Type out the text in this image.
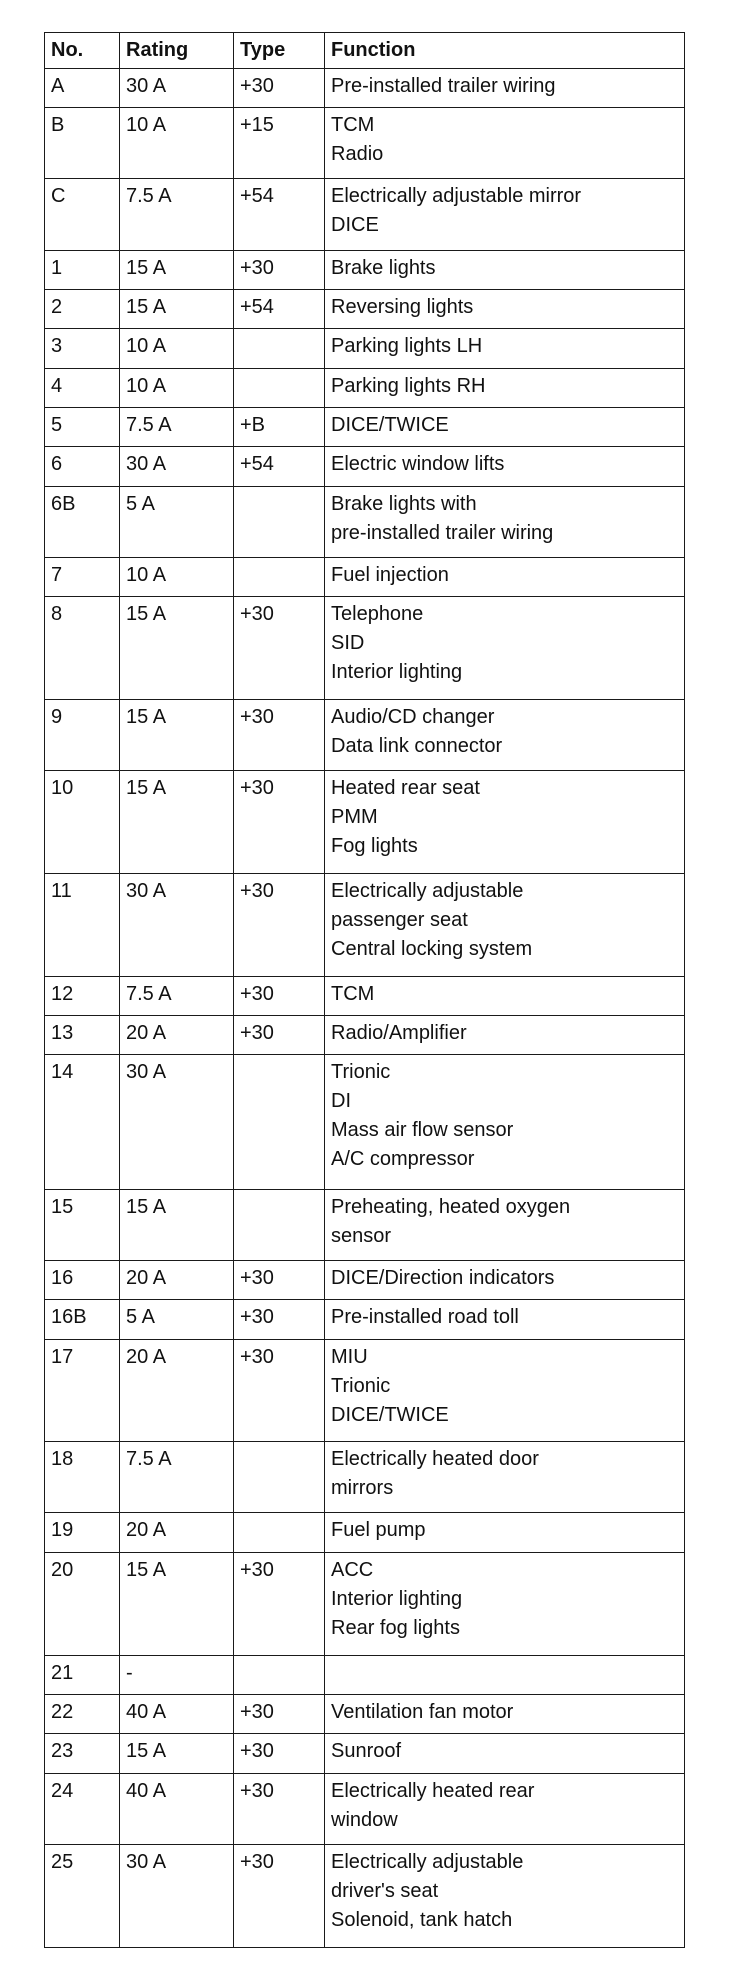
No.	Rating	Type	Function
A	30 A	+30	Pre-installed trailer wiring

B	10 A	+15	TCM
Radio

C	7.5 A	+54	Electrically adjustable mirror
DICE

1	15 A	+30	Brake lights

2	15 A	+54	Reversing lights

3	10 A		Parking lights LH

4	10 A		Parking lights RH

5	7.5 A	+B	DICE/TWICE

6	30 A	+54	Electric window lifts

6B	5 A		Brake lights with
pre-installed trailer wiring

7	10 A		Fuel injection

8	15 A	+30	Telephone
SID
Interior lighting

9	15 A	+30	Audio/CD changer
Data link connector

10	15 A	+30	Heated rear seat
PMM
Fog lights

11	30 A	+30	Electrically adjustable
passenger seat
Central locking system

12	7.5 A	+30	TCM

13	20 A	+30	Radio/Amplifier

14	30 A		Trionic
DI
Mass air flow sensor
A/C compressor

15	15 A		Preheating, heated oxygen
sensor

16	20 A	+30	DICE/Direction indicators

16B	5 A	+30	Pre-installed road toll

17	20 A	+30	MIU
Trionic
DICE/TWICE

18	7.5 A		Electrically heated door
mirrors

19	20 A		Fuel pump

20	15 A	+30	ACC
Interior lighting
Rear fog lights

21	-		
22	40 A	+30	Ventilation fan motor

23	15 A	+30	Sunroof

24	40 A	+30	Electrically heated rear
window

25	30 A	+30	Electrically adjustable
driver's seat
Solenoid, tank hatch
